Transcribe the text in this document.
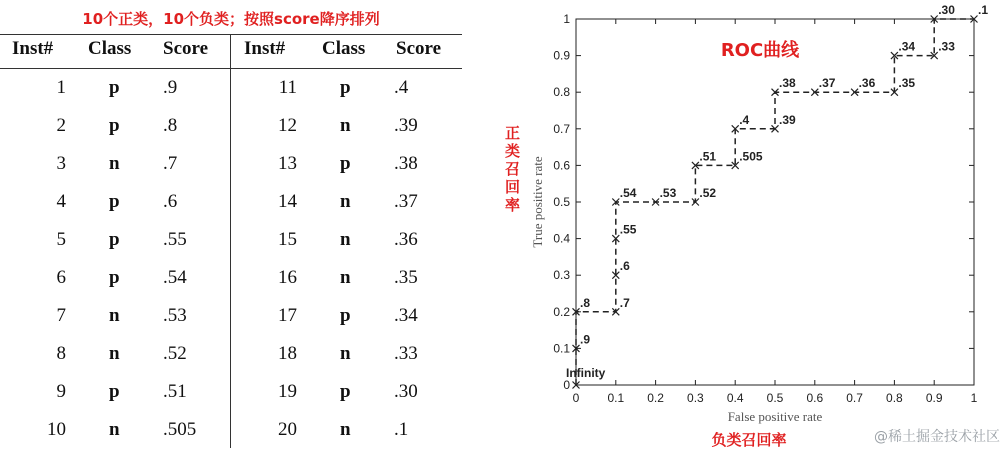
10个正类，10个负类；按照score降序排列
Inst# Class Score Inst# Class Score
1 p .9
2 p .8
3 n .7
4 p .6
5 p .55
6 p .54
7 n .53
8 n .52
9 p .51
10 n .505
11 p .4
12 n .39
13 p .38
14 n .37
15 n .36
16 n .35
17 p .34
18 n .33
19 p .30
20 n .1
0 0.1 0.2 0.3 0.4 0.5 0.6 0.7 0.8 0.9 1
0
0.1
0.2
0.3
0.4
0.5
0.6
0.7
0.8
0.9
1
False positive rate
True positive rate
负类召回率
正类召回率
ROC曲线
Infinity
.9
.8 .7
.6
.55
.54 .53 .52
.51 .505
.4 .39
.38 .37 .36 .35
.34 .33
.30 .1
@稀土掘金技术社区
